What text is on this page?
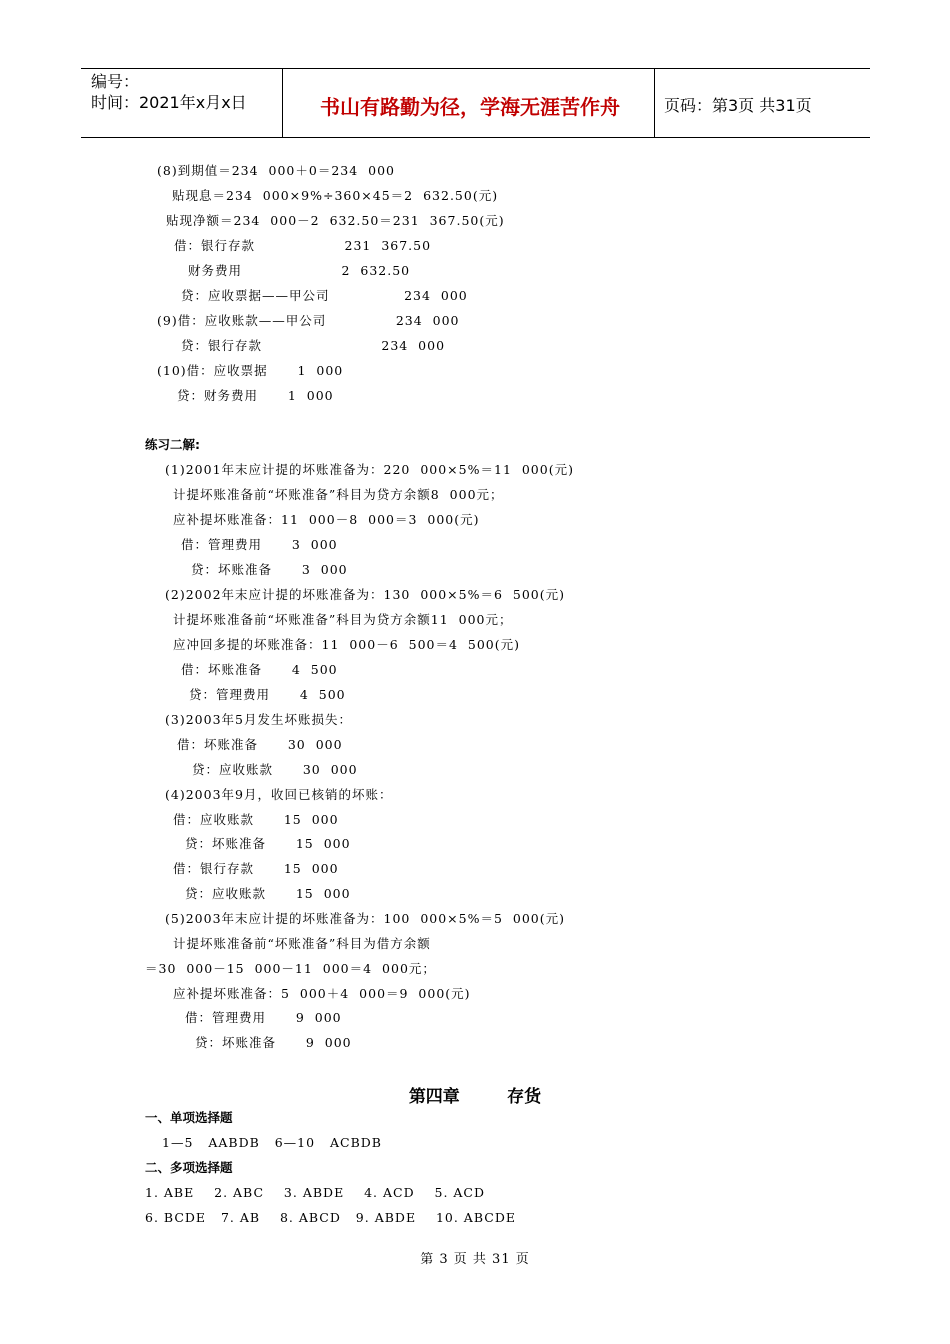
编号：
时间：2021年x月x日	书山有路勤为径，学海无涯苦作舟	页码：第3页 共31页
(8)到期值＝234  000＋0＝234  000
贴现息＝234  000×9%÷360×45＝2  632.50(元)
贴现净额＝234  000－2  632.50＝231  367.50(元)
借：银行存款                  231  367.50
财务费用                    2  632.50
贷：应收票据——甲公司               234  000
(9)借：应收账款——甲公司              234  000
贷：银行存款                        234  000
(10)借：应收票据      1  000
贷：财务费用      1  000
练习二解:
(1)2001年末应计提的坏账准备为：220  000×5%＝11  000(元)
计提坏账准备前“坏账准备”科目为贷方余额8  000元；
应补提坏账准备：11  000－8  000＝3  000(元)
借：管理费用      3  000
贷：坏账准备      3  000
(2)2002年末应计提的坏账准备为：130  000×5%＝6  500(元)
计提坏账准备前“坏账准备”科目为贷方余额11  000元；
应冲回多提的坏账准备：11  000－6  500＝4  500(元)
借：坏账准备      4  500
贷：管理费用      4  500
(3)2003年5月发生坏账损失：
借：坏账准备      30  000
贷：应收账款      30  000
(4)2003年9月，收回已核销的坏账：
借：应收账款      15  000
贷：坏账准备      15  000
借：银行存款      15  000
贷：应收账款      15  000
(5)2003年末应计提的坏账准备为：100  000×5%＝5  000(元)
计提坏账准备前“坏账准备”科目为借方余额
＝30  000－15  000－11  000＝4  000元；
应补提坏账准备：5  000＋4  000＝9  000(元)
借：管理费用      9  000
贷：坏账准备      9  000
一、单项选择题
1—5   AABDB   6—10   ACBDB
二、多项选择题
1. ABE    2. ABC    3. ABDE    4. ACD    5. ACD
6. BCDE   7. AB    8. ABCD   9. ABDE    10. ABCDE
第四章        存货
第 3 页 共 31 页
